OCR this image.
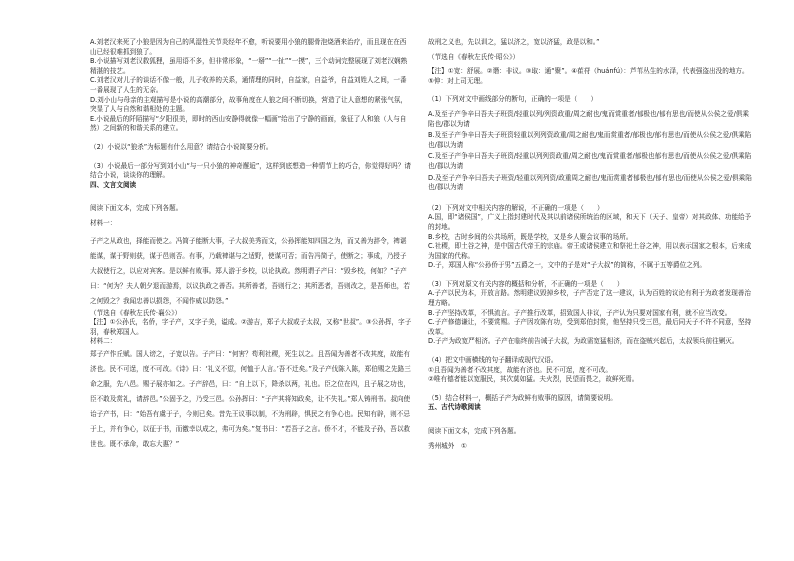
A.刘老汉来死了小狼是因为自己的风湿性关节炎经年不愈，听说要用小狼的腿骨泡烧酒来治疗，而且现在在西山已经很难抓到狼了。

B.小说描写刘老汉救狐狸，虽用语不多，但非常形象，“一掰”“一扯”“一摸”，三个动词完整展现了刘老汉娴熟精湛的技艺。

C.刘老汉对儿子的谈话不像一般，儿子收养的关系，通情理的同时，自益家，自益爷，自益刘姓人之间，一番一番展现了人生的无奈。

D.刘小山与母亲的主观描写是小说的高潮部分，故事角度在人狼之间不断切换，营造了让人意想的紧张气氛，突显了人与自然和谐相处的主题。

E.小说最后的阡陌描写“夕阳很美，即时的西山安静得就像一幅画”给出了宁静的画面，象征了人和狼（人与自然）之间新的和谐关系的建立。

（2）小说以“狼杀”为标题有什么用意？请结合小说简要分析。

（3）小说最后一部分写到刘小山“与一只小狼的神奇邂逅”，这样到底想造一种情节上的巧合，你觉得好吗？请结合小说，谈谈你的理解。

四、文言文阅读

阅读下面文本，完成下列各题。

材料一：

子产之从政也，择能而使之。冯简子能断大事，子大叔美秀而文，公孙挥能知四国之为，而又善为辞令，裨谌能谋，谋于野则获，谋于邑则否。有事，乃载裨谌与之适野，使谋可否；而告冯简子，使断之；事成，乃授子大叔使行之，以应对宾客。是以鲜有败事。郑人游于乡校，以论执政。然明谓子产曰：“毁乡校，何如？”子产曰：“何为？夫人朝夕退而游焉，以议执政之善否。其所善者，吾则行之；其所恶者，吾则改之，是吾师也，若之何毁之？我闻忠善以损怨，不闻作威以防怨。”

（节选自《春秋左氏传·襄公》）

【注】①公孙氏，名侨，字子产，又字子美，谥成。②游吉，郑子大叔或子太叔，又称“世叔”。③公孙挥，字子羽，春秋郑国人。

材料二：

郑子产作丘赋。国人谤之，子宽以告。子产曰：“何害？苟利社稷，死生以之。且吾闻为善者不改其度，故能有济也。民不可逞，度不可改。《诗》曰：‘礼义不愆，何恤于人言。’吾不迁矣。”及子产伐陈入陈，郑伯赐之先路三命之服，先八邑。赐子展亦如之。子产辞邑，曰：“自上以下，降杀以两，礼也。臣之位在四，且子展之功也，臣不敢及赏礼，请辞邑。”公固予之，乃受三邑。公孙挥曰：“子产其将知政矣，让不失礼。”郑人铸刑书。叔向使诒子产书，曰：“始吾有虞于子，今则已矣。昔先王议事以制，不为刑辟，惧民之有争心也。民知有辟，则不忌于上，并有争心，以征于书，而徼幸以成之，弗可为矣。”复书曰：“若吾子之言。侨不才，不能及子孙，吾以救世也。既不承命，敢忘大惠？”

故刑之义也，先以训之，猛以济之，宽以济猛，政是以和。”

（节选自《春秋左氏传·昭公》）

【注】①宽：舒展。②谮：非议。③取：通“聚”。④萑苻（huánfú）：芦苇丛生的水泽，代表强盗出没的地方。⑤伸：对上司无理。

（1）下列对文中画线部分的断句，正确的一项是（　　）

A.及至子产争辛曰吾夫子班资/轻重以列/列资政重/周之耐也/鬼而赏重者/郁极也/郁有思也/而使从公侯之爱/俱乘陷也/郡以为请

B.及至子产争辛曰吾夫子班资轻重以列列资政重/周之耐也/鬼而赏重者/郁极也/郁有思也/而使从公侯之爱/俱乘陷也/郡以为请

C.及至子产争辛曰吾夫子班资/轻重以列列资政重/周之耐也/鬼而赏重者/郁极也郁有思也/而使从公侯之爱/俱乘陷也/郡以为请

D.及至子产争辛曰吾夫子班资/轻重以列列资/政重周之耐也/鬼而赏重者郁极也/郁有思也/而使从公侯之爱/俱乘陷也/郡以为请

（2）下列对文中相关内容的解说，不正确的一项是（　　）

A.国，即“诸侯国”，广义上指封建时代及其以前诸侯所统治的区域，和天下（天子、皇帝）对其政体、功能给予的封地。

B.乡校，古时乡间的公共场所，既是学校，又是乡人聚会议事的场所。

C.社稷，即土谷之神，是中国古代帝王的宗庙。帝王或诸侯建立和祭祀土谷之神，用以表示国家之根本，后来成为国家的代称。

D.子，郑国人称“公孙侨于男”五爵之一，文中的子是对“子大叔”的简称，不属于五等爵位之列。

（3）下列对原文有关内容的概括和分析，不正确的一项是（　　）

A.子产以民为本，开放言路。然明建议毁掉乡校，子产否定了这一建议，认为百姓的议论有利于为政者发现善治理方略。

B.子产坚持改革，不惧流言。子产推行改革，招致国人非议，子产认为只要对国家有利，就不应当改变。

C.子产修德谦让，不要赏赐。子产因攻陈有功，受到郑伯封赏，他坚持只受三邑，最后同天子不许不同意，坚持改革。

D.子产为政宽严相济。子产在临终前告诫子大叔，为政需宽猛相济，而在盗贼兴起后，太叔领兵前往剿灭。

（4）把文中画横线的句子翻译成现代汉语。

①且吾闻为善者不改其度，故能有济也。民不可逞，度不可改。

②唯有德者能以宽服民，其次莫如猛。夫火烈，民望而畏之，故鲜死焉。

（5）结合材料一，概括子产为政鲜有败事的原因，请简要说明。

五、古代诗歌阅读

阅读下面文本，完成下列各题。

秀州城外　①
